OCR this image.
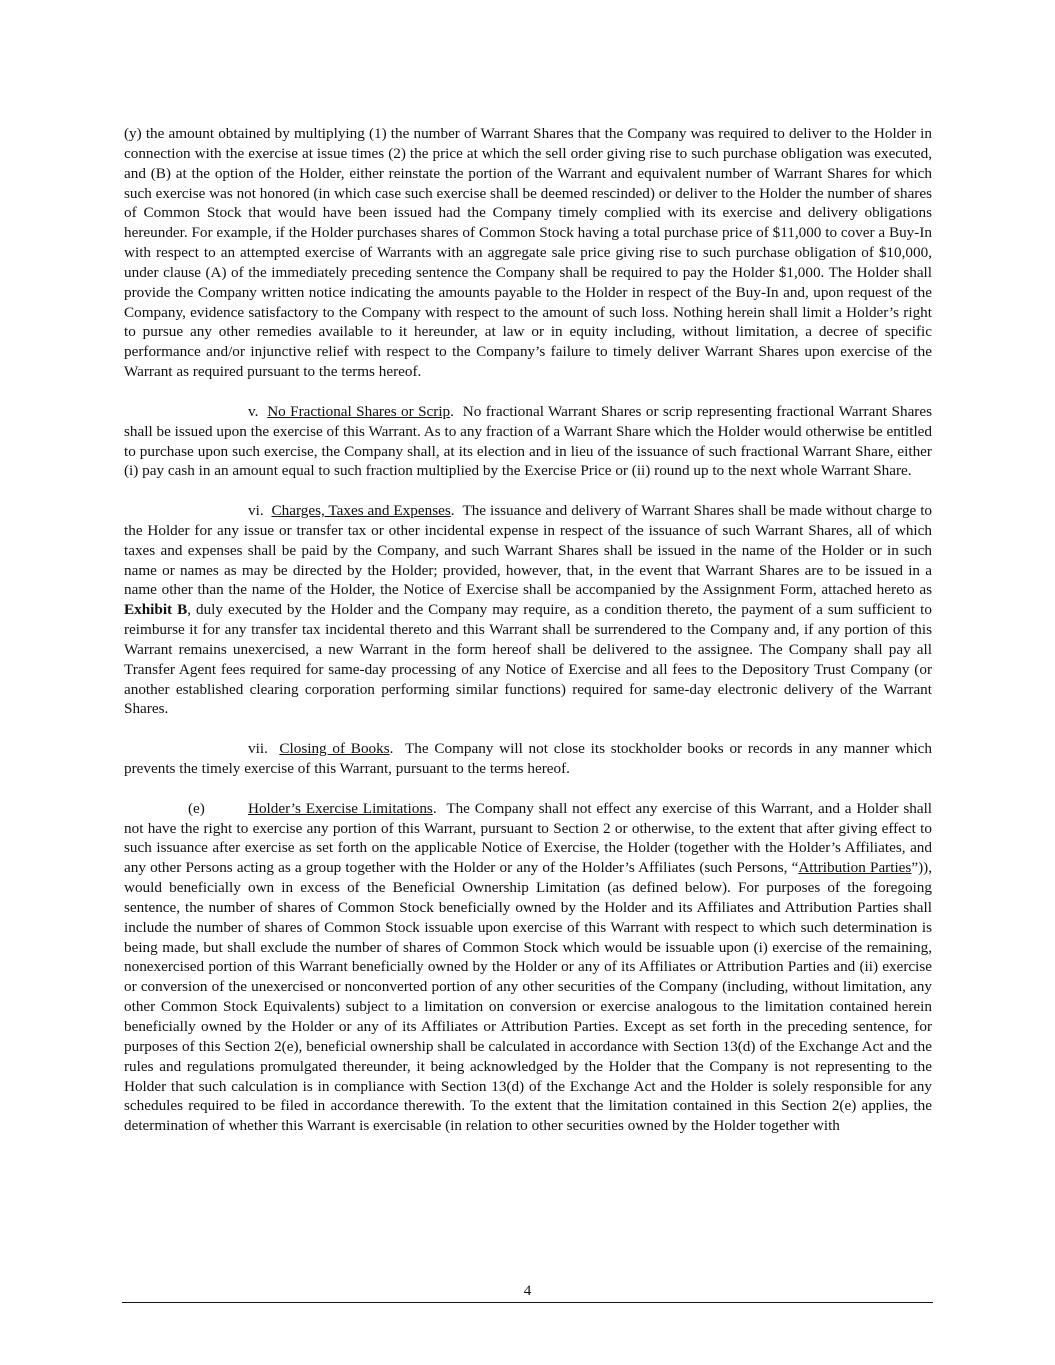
(y) the amount obtained by multiplying (1) the number of Warrant Shares that the Company was required to deliver to the Holder in connection with the exercise at issue times (2) the price at which the sell order giving rise to such purchase obligation was executed, and (B) at the option of the Holder, either reinstate the portion of the Warrant and equivalent number of Warrant Shares for which such exercise was not honored (in which case such exercise shall be deemed rescinded) or deliver to the Holder the number of shares of Common Stock that would have been issued had the Company timely complied with its exercise and delivery obligations hereunder. For example, if the Holder purchases shares of Common Stock having a total purchase price of $11,000 to cover a Buy-In with respect to an attempted exercise of Warrants with an aggregate sale price giving rise to such purchase obligation of $10,000, under clause (A) of the immediately preceding sentence the Company shall be required to pay the Holder $1,000. The Holder shall provide the Company written notice indicating the amounts payable to the Holder in respect of the Buy-In and, upon request of the Company, evidence satisfactory to the Company with respect to the amount of such loss. Nothing herein shall limit a Holder’s right to pursue any other remedies available to it hereunder, at law or in equity including, without limitation, a decree of specific performance and/or injunctive relief with respect to the Company’s failure to timely deliver Warrant Shares upon exercise of the Warrant as required pursuant to the terms hereof.

v. No Fractional Shares or Scrip.  No fractional Warrant Shares or scrip representing fractional Warrant Shares shall be issued upon the exercise of this Warrant. As to any fraction of a Warrant Share which the Holder would otherwise be entitled to purchase upon such exercise, the Company shall, at its election and in lieu of the issuance of such fractional Warrant Share, either (i) pay cash in an amount equal to such fraction multiplied by the Exercise Price or (ii) round up to the next whole Warrant Share.

vi. Charges, Taxes and Expenses.  The issuance and delivery of Warrant Shares shall be made without charge to the Holder for any issue or transfer tax or other incidental expense in respect of the issuance of such Warrant Shares, all of which taxes and expenses shall be paid by the Company, and such Warrant Shares shall be issued in the name of the Holder or in such name or names as may be directed by the Holder; provided, however, that, in the event that Warrant Shares are to be issued in a name other than the name of the Holder, the Notice of Exercise shall be accompanied by the Assignment Form, attached hereto as Exhibit B, duly executed by the Holder and the Company may require, as a condition thereto, the payment of a sum sufficient to reimburse it for any transfer tax incidental thereto and this Warrant shall be surrendered to the Company and, if any portion of this Warrant remains unexercised, a new Warrant in the form hereof shall be delivered to the assignee. The Company shall pay all Transfer Agent fees required for same-day processing of any Notice of Exercise and all fees to the Depository Trust Company (or another established clearing corporation performing similar functions) required for same-day electronic delivery of the Warrant Shares.

vii. Closing of Books.  The Company will not close its stockholder books or records in any manner which prevents the timely exercise of this Warrant, pursuant to the terms hereof.

(e)	Holder’s Exercise Limitations.  The Company shall not effect any exercise of this Warrant, and a Holder shall not have the right to exercise any portion of this Warrant, pursuant to Section 2 or otherwise, to the extent that after giving effect to such issuance after exercise as set forth on the applicable Notice of Exercise, the Holder (together with the Holder’s Affiliates, and any other Persons acting as a group together with the Holder or any of the Holder’s Affiliates (such Persons, “Attribution Parties”)), would beneficially own in excess of the Beneficial Ownership Limitation (as defined below). For purposes of the foregoing sentence, the number of shares of Common Stock beneficially owned by the Holder and its Affiliates and Attribution Parties shall include the number of shares of Common Stock issuable upon exercise of this Warrant with respect to which such determination is being made, but shall exclude the number of shares of Common Stock which would be issuable upon (i) exercise of the remaining, nonexercised portion of this Warrant beneficially owned by the Holder or any of its Affiliates or Attribution Parties and (ii) exercise or conversion of the unexercised or nonconverted portion of any other securities of the Company (including, without limitation, any other Common Stock Equivalents) subject to a limitation on conversion or exercise analogous to the limitation contained herein beneficially owned by the Holder or any of its Affiliates or Attribution Parties. Except as set forth in the preceding sentence, for purposes of this Section 2(e), beneficial ownership shall be calculated in accordance with Section 13(d) of the Exchange Act and the rules and regulations promulgated thereunder, it being acknowledged by the Holder that the Company is not representing to the Holder that such calculation is in compliance with Section 13(d) of the Exchange Act and the Holder is solely responsible for any schedules required to be filed in accordance therewith. To the extent that the limitation contained in this Section 2(e) applies, the determination of whether this Warrant is exercisable (in relation to other securities owned by the Holder together with

4
